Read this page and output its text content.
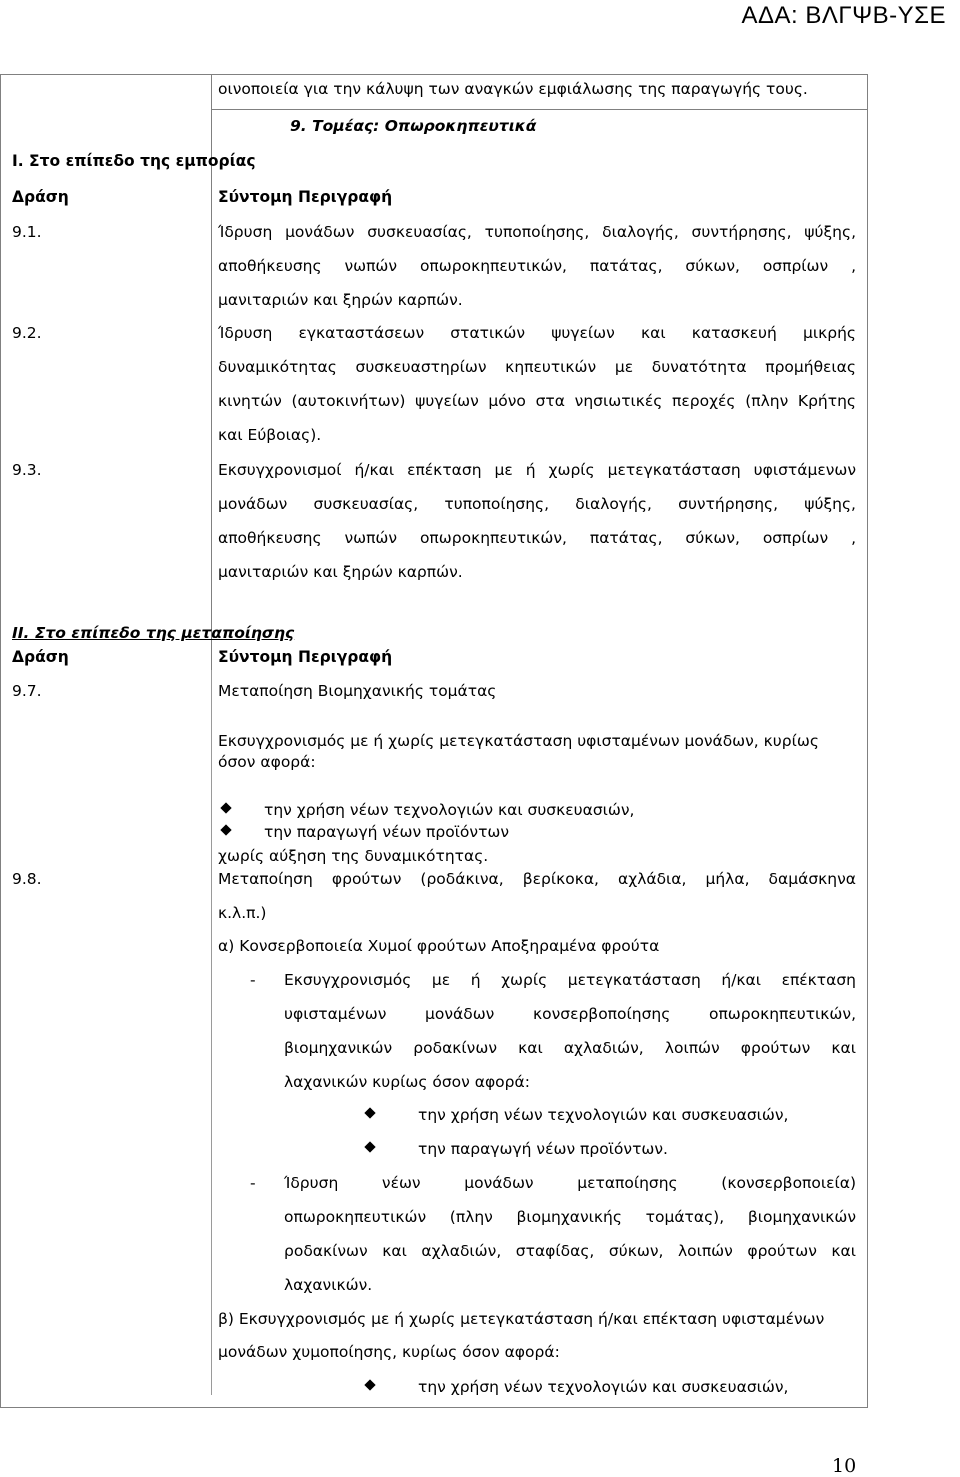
ΑΔΑ: ΒΛΓΨΒ-ΥΣΕ
οινοποιεία για την κάλυψη των αναγκών εμφιάλωσης της παραγωγής τους.
9. Τομέας: Οπωροκηπευτικά
Ι. Στο επίπεδο της εμπορίας
Δράση	Σύντομη Περιγραφή
9.1.	Ίδρυση μονάδων συσκευασίας, τυποποίησης, διαλογής, συντήρησης, ψύξης,
αποθήκευσης νωπών οπωροκηπευτικών, πατάτας, σύκων, οσπρίων ,
μανιταριών και ξηρών καρπών.
9.2.	Ίδρυση εγκαταστάσεων στατικών ψυγείων και κατασκευή μικρής
δυναμικότητας συσκευαστηρίων κηπευτικών με δυνατότητα προμήθειας
κινητών (αυτοκινήτων) ψυγείων μόνο στα νησιωτικές περοχές (πλην Κρήτης
και Εύβοιας).
9.3.	Εκσυγχρονισμοί ή/και επέκταση με ή χωρίς μετεγκατάσταση υφιστάμενων
μονάδων συσκευασίας, τυποποίησης, διαλογής, συντήρησης, ψύξης,
αποθήκευσης νωπών οπωροκηπευτικών, πατάτας, σύκων, οσπρίων ,
μανιταριών και ξηρών καρπών.
ΙΙ. Στο επίπεδο της μεταποίησης
Δράση	Σύντομη Περιγραφή
9.7.	Μεταποίηση Βιομηχανικής τομάτας
Εκσυγχρονισμός με ή χωρίς μετεγκατάσταση υφισταμένων μονάδων, κυρίως
όσον αφορά:
την χρήση νέων τεχνολογιών και συσκευασιών,
την παραγωγή νέων προϊόντων
χωρίς αύξηση της δυναμικότητας.
9.8.	Μεταποίηση φρούτων (ροδάκινα, βερίκοκα, αχλάδια, μήλα, δαμάσκηνα
κ.λ.π.)
α) Κονσερβοποιεία Χυμοί φρούτων Αποξηραμένα φρούτα
- Εκσυγχρονισμός με ή χωρίς μετεγκατάσταση ή/και επέκταση
υφισταμένων μονάδων κονσερβοποίησης οπωροκηπευτικών,
βιομηχανικών ροδακίνων και αχλαδιών, λοιπών φρούτων και
λαχανικών κυρίως όσον αφορά:
την χρήση νέων τεχνολογιών και συσκευασιών,
την παραγωγή νέων προϊόντων.
- Ίδρυση νέων μονάδων μεταποίησης (κονσερβοποιεία)
οπωροκηπευτικών (πλην βιομηχανικής τομάτας), βιομηχανικών
ροδακίνων και αχλαδιών, σταφίδας, σύκων, λοιπών φρούτων και
λαχανικών.
β) Εκσυγχρονισμός με ή χωρίς μετεγκατάσταση ή/και επέκταση υφισταμένων
μονάδων χυμοποίησης, κυρίως όσον αφορά:
την χρήση νέων τεχνολογιών και συσκευασιών,
10
